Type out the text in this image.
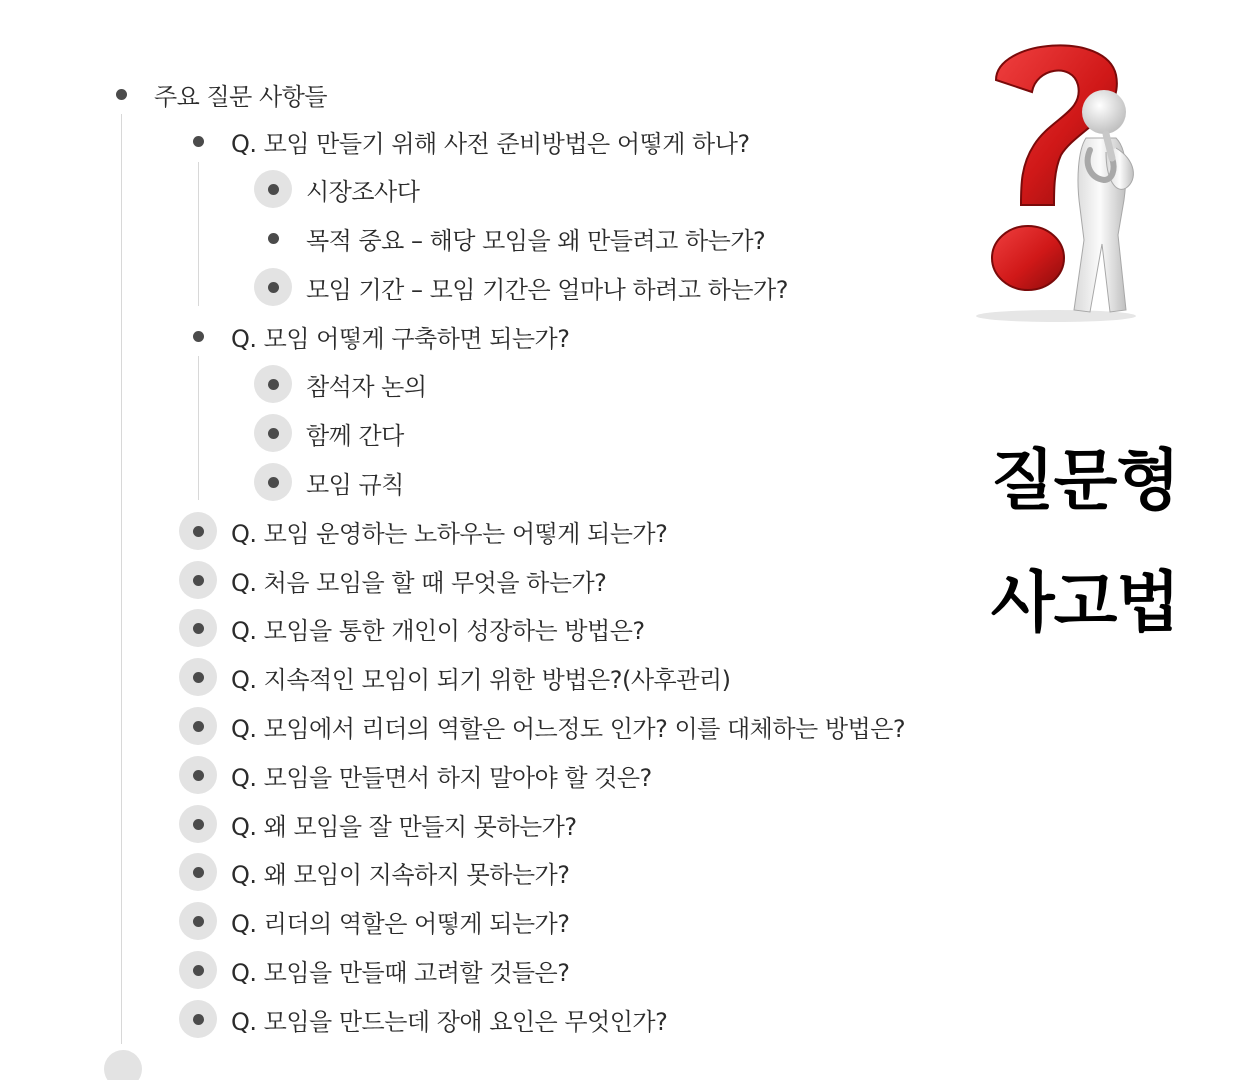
주요 질문 사항들
Q. 모임 만들기 위해 사전 준비방법은 어떻게 하나?
시장조사다
목적 중요 – 해당 모임을 왜 만들려고 하는가?
모임 기간 – 모임 기간은 얼마나 하려고 하는가?
Q. 모임 어떻게 구축하면 되는가?
참석자 논의
함께 간다
모임 규칙
Q. 모임 운영하는 노하우는 어떻게 되는가?
Q. 처음 모임을 할 때 무엇을 하는가?
Q. 모임을 통한 개인이 성장하는 방법은?
Q. 지속적인 모임이 되기 위한 방법은?(사후관리)
Q. 모임에서 리더의 역할은 어느정도 인가? 이를 대체하는 방법은?
Q. 모임을 만들면서 하지 말아야 할 것은?
Q. 왜 모임을 잘 만들지 못하는가?
Q. 왜 모임이 지속하지 못하는가?
Q. 리더의 역할은 어떻게 되는가?
Q. 모임을 만들때 고려할 것들은?
Q. 모임을 만드는데 장애 요인은 무엇인가?
질문형
사고법
